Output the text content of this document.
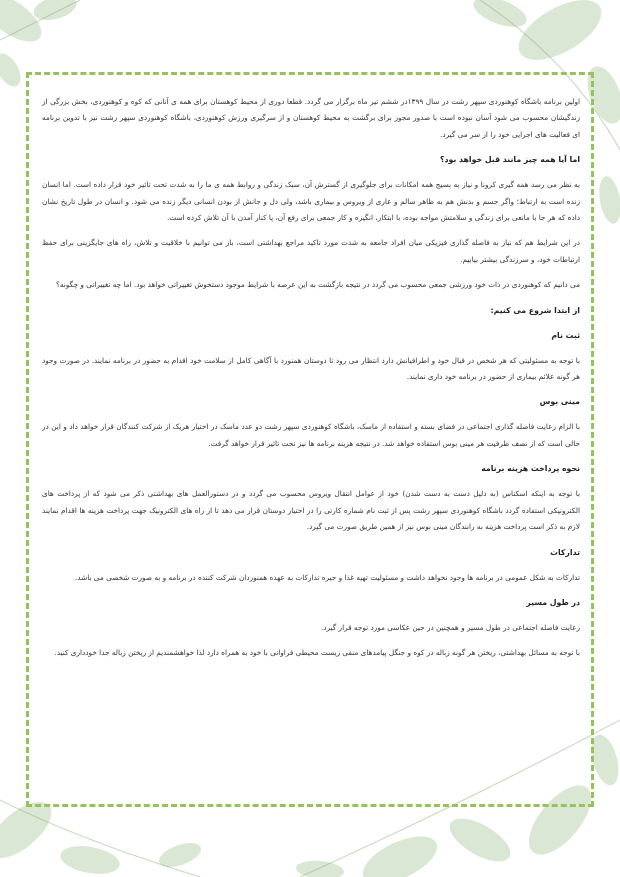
اولین برنامه باشگاه کوهنوردی سپهر رشت در سال ۱۳۹۹در ششم تیر ماه برگزار می گردد. قطعا دوری از محیط کوهستان برای همه ی آنانی که کوه و کوهنوردی، بخش بزرگی از زندگیشان محسوب می شود آسان نبوده است با صدور مجوز برای برگشت به محیط کوهستان و از سرگیری ورزش کوهنوردی، باشگاه کوهنوردی سپهر رشت نیز با تدوین برنامه ای فعالیت های اجرایی خود را از سر می گیرد.

اما آیا همه چیز مانند قبل خواهد بود؟

به نظر می رسد همه گیری کرونا و نیاز به بسیج همه امکانات برای جلوگیری از گسترش آن، سبک زندگی و روابط همه ی ما را به شدت تحت تاثیر خود قرار داده است. اما انسان زنده است به ارتباط؛ واگر جسم و بدنش هم به ظاهر سالم و عاری از ویروس و بیماری باشد، ولی دل و جانش از بودن انسانی دیگر زنده می شود. و انسان در طول تاریخ نشان داده که هر جا با مانعی برای زندگی و سلامتش مواجه بوده، با ابتکار، انگیزه و کار جمعی برای رفع آن، پا کنار آمدن با آن تلاش کرده است.

در این شرایط هم که نیاز به فاصله گذاری فیزیکی میان افراد جامعه به شدت مورد تاکید مراجع بهداشتی است، باز می توانیم با خلاقیت و تلاش، راه های جایگزینی برای حفظ ارتباطات خود، و سرزندگی بیشتر بیابیم.

می دانیم که کوهنوردی در ذات خود ورزشی جمعی محسوب می گردد در نتیجه بازگشت به این عرصه با شرایط موجود دستخوش تغییراتی خواهد بود. اما چه تغییراتی و چگونه؟

از ابتدا شروع می کنیم:
ثبت نام

با توجه به مسئولیتی که هر شخص در قبال خود و اطرافیانش دارد انتظار می رود تا دوستان همنورد با آگاهی کامل از سلامت خود اقدام به حضور در برنامه نمایند. در صورت وجود هر گونه علائم بیماری از حضور در برنامه خود داری نمایند.

مینی بوس

با الزام رعایت فاصله گذاری اجتماعی در فضای بسته و استفاده از ماسک، باشگاه کوهنوردی سپهر رشت دو عدد ماسک در اختیار هریک از شرکت کنندگان قرار خواهد داد و این در حالی است که از نصف ظرفیت هر مینی بوس استفاده خواهد شد. در نتیجه هزینه برنامه ها نیز تحت تاثیر قرار خواهد گرفت.

نحوه پرداخت هزینه برنامه

با توجه به اینکه اسکناس (به دلیل دست به دست شدن) خود از عوامل انتقال ویروس محسوب می گردد و در دستورالعمل های بهداشتی ذکر می شود که از پرداخت های الکترونیکی استفاده گردد باشگاه کوهنوردی سپهر رشت پس از ثبت نام شماره کارتی را در اختیار دوستان قرار می دهد تا از راه های الکترونیک جهت پرداخت هزینه ها اقدام نمایند لازم به ذکر است پرداخت هزینه به رانندگان مینی بوس نیز از همین طریق صورت می گیرد.

تدارکات

تدارکات به شکل عمومی در برنامه ها وجود نخواهد داشت و مسئولیت تهیه غذا و جیره تدارکات به عهده همنوردان شرکت کننده در برنامه و به صورت شخصی می باشد.

در طول مسیر

رعایت فاصله اجتماعی در طول مسیر و همچنین در حین عکاسی مورد توجه قرار گیرد.

با توجه به مسائل بهداشتی، ریختن هر گونه زباله در کوه و جنگل پیامدهای منفی زیست محیطی فراوانی با خود به همراه دارد لذا خواهشمندیم از ریختن زباله جدا خودداری کنید.
